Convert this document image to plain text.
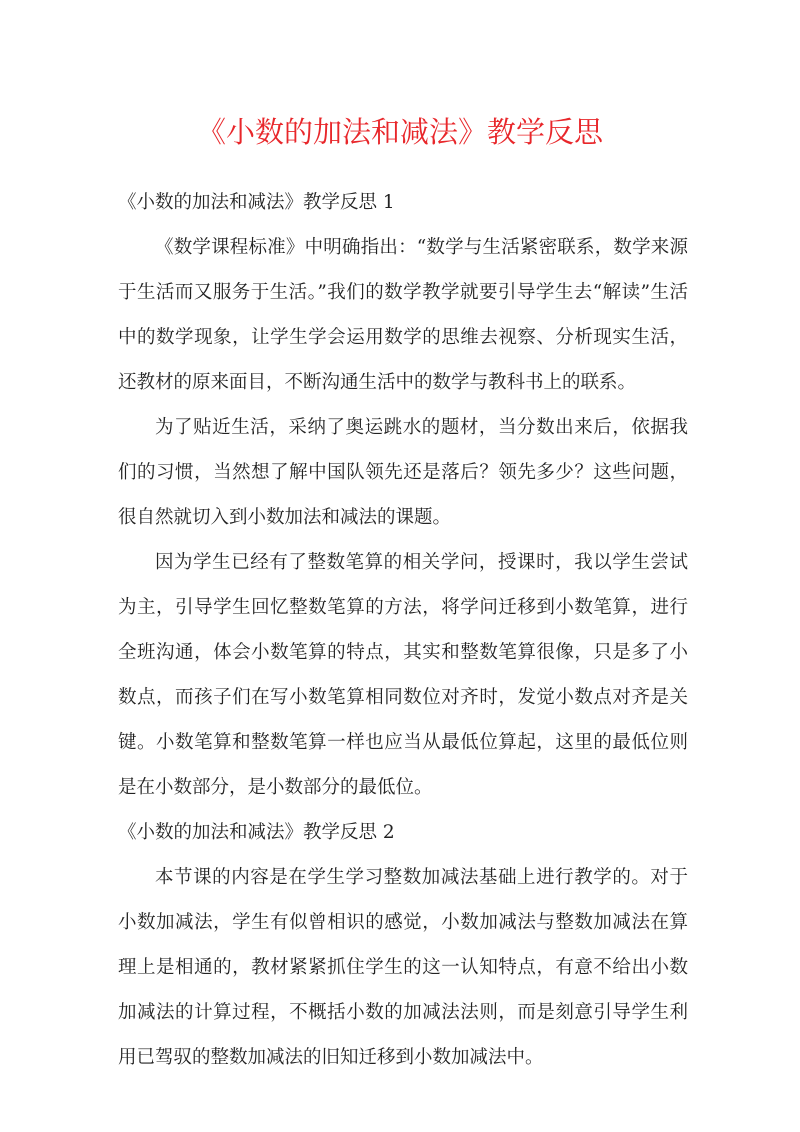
《小数的加法和减法》教学反思
《小数的加法和减法》教学反思 1

《数学课程标准》中明确指出：“数学与生活紧密联系，数学来源于生活而又服务于生活。”我们的数学教学就要引导学生去“解读”生活中的数学现象，让学生学会运用数学的思维去视察、分析现实生活，还教材的原来面目，不断沟通生活中的数学与教科书上的联系。

为了贴近生活，采纳了奥运跳水的题材，当分数出来后，依据我们的习惯，当然想了解中国队领先还是落后？领先多少？这些问题，很自然就切入到小数加法和减法的课题。

因为学生已经有了整数笔算的相关学问，授课时，我以学生尝试为主，引导学生回忆整数笔算的方法，将学问迁移到小数笔算，进行全班沟通，体会小数笔算的特点，其实和整数笔算很像，只是多了小数点，而孩子们在写小数笔算相同数位对齐时，发觉小数点对齐是关键。小数笔算和整数笔算一样也应当从最低位算起，这里的最低位则是在小数部分，是小数部分的最低位。

《小数的加法和减法》教学反思 2

本节课的内容是在学生学习整数加减法基础上进行教学的。对于小数加减法，学生有似曾相识的感觉，小数加减法与整数加减法在算理上是相通的，教材紧紧抓住学生的这一认知特点，有意不给出小数加减法的计算过程，不概括小数的加减法法则，而是刻意引导学生利用已驾驭的整数加减法的旧知迁移到小数加减法中。
